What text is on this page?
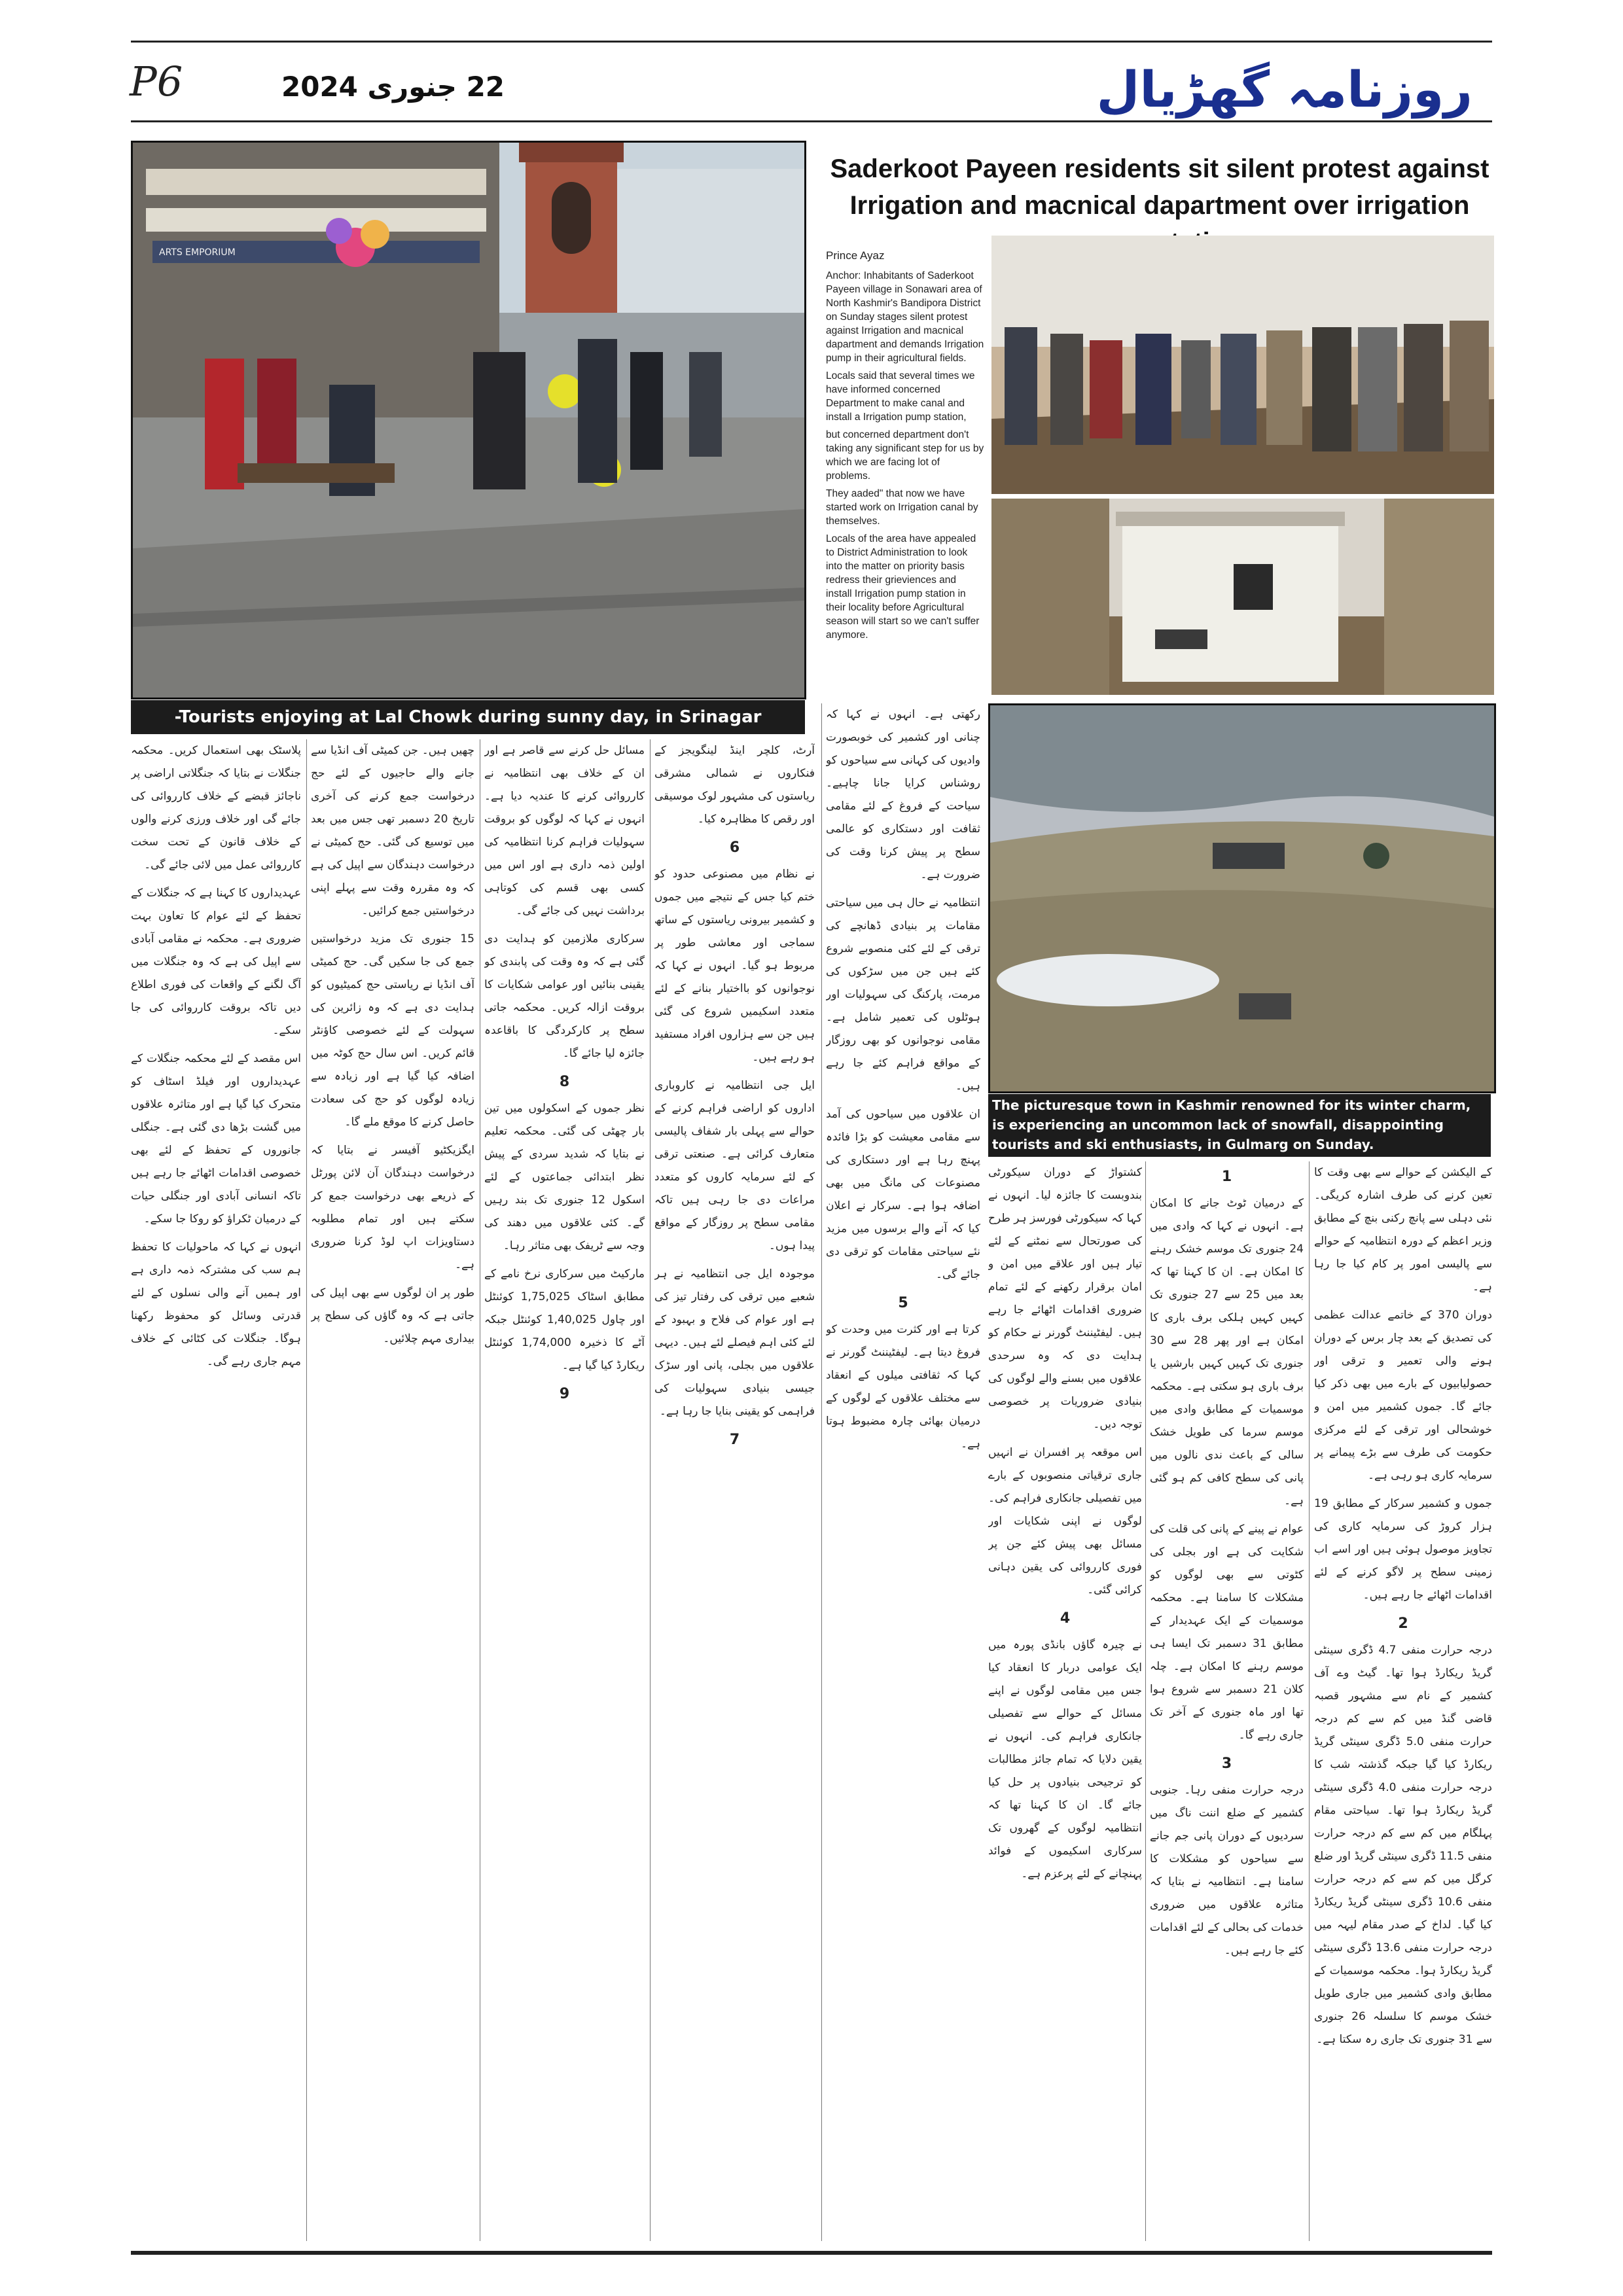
P6	22 جنوری 2024	روزنامہ گھڑیال
ARTS EMPORIUM
-Tourists enjoying at Lal Chowk during sunny day, in Srinagar
Saderkoot Payeen residents sit silent protest against Irrigation and macnical dapartment over irrigation

Prince Ayaz

Anchor: Inhabitants of Saderkoot Payeen village in Sonawari area of North Kashmir's Bandipora District on Sunday stages silent protest against Irrigation and macnical dapartment and demands Irrigation pump in their agricultural fields.

Locals said that several times we have informed concerned Department to make canal and install a Irrigation pump station,

but concerned department don't taking any significant step for us by which we are facing lot of problems.

They aaded" that now we have started work on Irrigation canal by themselves.

Locals of the area have appealed to District Administration to look into the matter on priority basis redress their grieviences and install Irrigation pump station in their locality before Agricultural season will start so we can't suffer anymore.

The picturesque town in Kashmir renowned for its winter charm, is experiencing an uncommon lack of snowfall, disappointing tourists and ski enthusiasts, in Gulmarg on Sunday.

کے الیکشن کے حوالے سے بھی وقت کا تعین کرنے کی طرف اشارہ کریگی۔ نئی دہلی سے پانچ رکنی بنچ کے مطابق وزیر اعظم کے دورہ انتظامیہ کے حوالے سے پالیسی امور پر کام کیا جا رہا ہے۔

دوران 370 کے خاتمے عدالت عظمی کی تصدیق کے بعد چار برس کے دوران ہونے والی تعمیر و ترقی اور حصولیابیوں کے بارے میں بھی ذکر کیا جائے گا۔ جموں کشمیر میں امن و خوشحالی اور ترقی کے لئے مرکزی حکومت کی طرف سے بڑے پیمانے پر سرمایہ کاری ہو رہی ہے۔

جموں و کشمیر سرکار کے مطابق 19 ہزار کروڑ کی سرمایہ کاری کی تجاویز موصول ہوئی ہیں اور اسے اب زمینی سطح پر لاگو کرنے کے لئے اقدامات اٹھائے جا رہے ہیں۔

2

درجہ حرارت منفی 4.7 ڈگری سینٹی گریڈ ریکارڈ ہوا تھا۔ گیٹ وے آف کشمیر کے نام سے مشہور قصبہ قاضی گنڈ میں کم سے کم درجہ حرارت منفی 5.0 ڈگری سینٹی گریڈ ریکارڈ کیا گیا جبکہ گذشتہ شب کا درجہ حرارت منفی 4.0 ڈگری سینٹی گریڈ ریکارڈ ہوا تھا۔ سیاحتی مقام پہلگام میں کم سے کم درجہ حرارت منفی 11.5 ڈگری سینٹی گریڈ اور ضلع کرگل میں کم سے کم درجہ حرارت منفی 10.6 ڈگری سینٹی گریڈ ریکارڈ کیا گیا۔ لداخ کے صدر مقام لیہہ میں درجہ حرارت منفی 13.6 ڈگری سینٹی گریڈ ریکارڈ ہوا۔ محکمہ موسمیات کے مطابق وادی کشمیر میں جاری طویل خشک موسم کا سلسلہ 26 جنوری سے 31 جنوری تک جاری رہ سکتا ہے۔

1

کے درمیان ٹوٹ جانے کا امکان ہے۔ انہوں نے کہا کہ وادی میں 24 جنوری تک موسم خشک رہنے کا امکان ہے۔ ان کا کہنا تھا کہ بعد میں 25 سے 27 جنوری تک کہیں کہیں ہلکی برف باری کا امکان ہے اور پھر 28 سے 30 جنوری تک کہیں کہیں بارشیں یا برف باری ہو سکتی ہے۔ محکمہ موسمیات کے مطابق وادی میں موسم سرما کی طویل خشک سالی کے باعث ندی نالوں میں پانی کی سطح کافی کم ہو گئی ہے۔

عوام نے پینے کے پانی کی قلت کی شکایت کی ہے اور بجلی کی کٹوتی سے بھی لوگوں کو مشکلات کا سامنا ہے۔ محکمہ موسمیات کے ایک عہدیدار کے مطابق 31 دسمبر تک ایسا ہی موسم رہنے کا امکان ہے۔ چلہ کلان 21 دسمبر سے شروع ہوا تھا اور ماہ جنوری کے آخر تک جاری رہے گا۔

3

درجہ حرارت منفی رہا۔ جنوبی کشمیر کے ضلع اننت ناگ میں سردیوں کے دوران پانی جم جانے سے سیاحوں کو مشکلات کا سامنا ہے۔ انتظامیہ نے بتایا کہ متاثرہ علاقوں میں ضروری خدمات کی بحالی کے لئے اقدامات کئے جا رہے ہیں۔

کشتواڑ کے دوران سیکورٹی بندوبست کا جائزہ لیا۔ انہوں نے کہا کہ سیکورٹی فورسز ہر طرح کی صورتحال سے نمٹنے کے لئے تیار ہیں اور علاقے میں امن و امان برقرار رکھنے کے لئے تمام ضروری اقدامات اٹھائے جا رہے ہیں۔ لیفٹیننٹ گورنر نے حکام کو ہدایت دی کہ وہ سرحدی علاقوں میں بسنے والے لوگوں کی بنیادی ضروریات پر خصوصی توجہ دیں۔

اس موقعہ پر افسران نے انہیں جاری ترقیاتی منصوبوں کے بارے میں تفصیلی جانکاری فراہم کی۔ لوگوں نے اپنی شکایات اور مسائل بھی پیش کئے جن پر فوری کارروائی کی یقین دہانی کرائی گئی۔

4

نے چیرہ گاؤں بانڈی پورہ میں ایک عوامی دربار کا انعقاد کیا جس میں مقامی لوگوں نے اپنے مسائل کے حوالے سے تفصیلی جانکاری فراہم کی۔ انہوں نے یقین دلایا کہ تمام جائز مطالبات کو ترجیحی بنیادوں پر حل کیا جائے گا۔ ان کا کہنا تھا کہ انتظامیہ لوگوں کے گھروں تک سرکاری اسکیموں کے فوائد پہنچانے کے لئے پرعزم ہے۔

رکھتی ہے۔ انہوں نے کہا کہ چنانی اور کشمیر کی خوبصورت وادیوں کی کہانی سے سیاحوں کو روشناس کرایا جانا چاہیے۔ سیاحت کے فروغ کے لئے مقامی ثقافت اور دستکاری کو عالمی سطح پر پیش کرنا وقت کی ضرورت ہے۔

انتظامیہ نے حال ہی میں سیاحتی مقامات پر بنیادی ڈھانچے کی ترقی کے لئے کئی منصوبے شروع کئے ہیں جن میں سڑکوں کی مرمت، پارکنگ کی سہولیات اور ہوٹلوں کی تعمیر شامل ہے۔ مقامی نوجوانوں کو بھی روزگار کے مواقع فراہم کئے جا رہے ہیں۔

ان علاقوں میں سیاحوں کی آمد سے مقامی معیشت کو بڑا فائدہ پہنچ رہا ہے اور دستکاری کی مصنوعات کی مانگ میں بھی اضافہ ہوا ہے۔ سرکار نے اعلان کیا کہ آنے والے برسوں میں مزید نئے سیاحتی مقامات کو ترقی دی جائے گی۔

5

کرتا ہے اور کثرت میں وحدت کو فروغ دیتا ہے۔ لیفٹیننٹ گورنر نے کہا کہ ثقافتی میلوں کے انعقاد سے مختلف علاقوں کے لوگوں کے درمیان بھائی چارہ مضبوط ہوتا ہے۔

آرٹ، کلچر اینڈ لینگویجز کے فنکاروں نے شمالی مشرقی ریاستوں کی مشہور لوک موسیقی اور رقص کا مظاہرہ کیا۔

6

نے نظام میں مصنوعی حدود کو ختم کیا جس کے نتیجے میں جموں و کشمیر بیرونی ریاستوں کے ساتھ سماجی اور معاشی طور پر مربوط ہو گیا۔ انہوں نے کہا کہ نوجوانوں کو بااختیار بنانے کے لئے متعدد اسکیمیں شروع کی گئی ہیں جن سے ہزاروں افراد مستفید ہو رہے ہیں۔

ایل جی انتظامیہ نے کاروباری اداروں کو اراضی فراہم کرنے کے حوالے سے پہلی بار شفاف پالیسی متعارف کرائی ہے۔ صنعتی ترقی کے لئے سرمایہ کاروں کو متعدد مراعات دی جا رہی ہیں تاکہ مقامی سطح پر روزگار کے مواقع پیدا ہوں۔

موجودہ ایل جی انتظامیہ نے ہر شعبے میں ترقی کی رفتار تیز کی ہے اور عوام کی فلاح و بہبود کے لئے کئی اہم فیصلے لئے ہیں۔ دیہی علاقوں میں بجلی، پانی اور سڑک جیسی بنیادی سہولیات کی فراہمی کو یقینی بنایا جا رہا ہے۔

7

مسائل حل کرنے سے قاصر ہے اور ان کے خلاف بھی انتظامیہ نے کارروائی کرنے کا عندیہ دیا ہے۔ انہوں نے کہا کہ لوگوں کو بروقت سہولیات فراہم کرنا انتظامیہ کی اولین ذمہ داری ہے اور اس میں کسی بھی قسم کی کوتاہی برداشت نہیں کی جائے گی۔

سرکاری ملازمین کو ہدایت دی گئی ہے کہ وہ وقت کی پابندی کو یقینی بنائیں اور عوامی شکایات کا بروقت ازالہ کریں۔ محکمہ جاتی سطح پر کارکردگی کا باقاعدہ جائزہ لیا جائے گا۔

8

نظر جموں کے اسکولوں میں تین بار چھٹی کی گئی۔ محکمہ تعلیم نے بتایا کہ شدید سردی کے پیش نظر ابتدائی جماعتوں کے لئے اسکول 12 جنوری تک بند رہیں گے۔ کئی علاقوں میں دھند کی وجہ سے ٹریفک بھی متاثر رہا۔

مارکیٹ میں سرکاری نرخ نامے کے مطابق اسٹاک 1,75,025 کوئنٹل اور چاول 1,40,025 کوئنٹل جبکہ آٹے کا ذخیرہ 1,74,000 کوئنٹل ریکارڈ کیا گیا ہے۔

9

چھیں ہیں۔ جن کمیٹی آف انڈیا سے جانے والے حاجیوں کے لئے حج درخواست جمع کرنے کی آخری تاریخ 20 دسمبر تھی جس میں بعد میں توسیع کی گئی۔ حج کمیٹی نے درخواست دہندگان سے اپیل کی ہے کہ وہ مقررہ وقت سے پہلے اپنی درخواستیں جمع کرائیں۔

15 جنوری تک مزید درخواستیں جمع کی جا سکیں گی۔ حج کمیٹی آف انڈیا نے ریاستی حج کمیٹیوں کو ہدایت دی ہے کہ وہ زائرین کی سہولت کے لئے خصوصی کاؤنٹر قائم کریں۔ اس سال حج کوٹہ میں اضافہ کیا گیا ہے اور زیادہ سے زیادہ لوگوں کو حج کی سعادت حاصل کرنے کا موقع ملے گا۔

ایگزیکٹیو آفیسر نے بتایا کہ درخواست دہندگان آن لائن پورٹل کے ذریعے بھی درخواست جمع کر سکتے ہیں اور تمام مطلوبہ دستاویزات اپ لوڈ کرنا ضروری ہے۔

طور پر ان لوگوں سے بھی اپیل کی جاتی ہے کہ وہ گاؤں کی سطح پر بیداری مہم چلائیں۔

پلاسٹک بھی استعمال کریں۔ محکمہ جنگلات نے بتایا کہ جنگلاتی اراضی پر ناجائز قبضے کے خلاف کارروائی کی جائے گی اور خلاف ورزی کرنے والوں کے خلاف قانون کے تحت سخت کارروائی عمل میں لائی جائے گی۔

عہدیداروں کا کہنا ہے کہ جنگلات کے تحفظ کے لئے عوام کا تعاون بہت ضروری ہے۔ محکمہ نے مقامی آبادی سے اپیل کی ہے کہ وہ جنگلات میں آگ لگنے کے واقعات کی فوری اطلاع دیں تاکہ بروقت کارروائی کی جا سکے۔

اس مقصد کے لئے محکمہ جنگلات کے عہدیداروں اور فیلڈ اسٹاف کو متحرک کیا گیا ہے اور متاثرہ علاقوں میں گشت بڑھا دی گئی ہے۔ جنگلی جانوروں کے تحفظ کے لئے بھی خصوصی اقدامات اٹھائے جا رہے ہیں تاکہ انسانی آبادی اور جنگلی حیات کے درمیان ٹکراؤ کو روکا جا سکے۔

انہوں نے کہا کہ ماحولیات کا تحفظ ہم سب کی مشترکہ ذمہ داری ہے اور ہمیں آنے والی نسلوں کے لئے قدرتی وسائل کو محفوظ رکھنا ہوگا۔ جنگلات کی کٹائی کے خلاف مہم جاری رہے گی۔
